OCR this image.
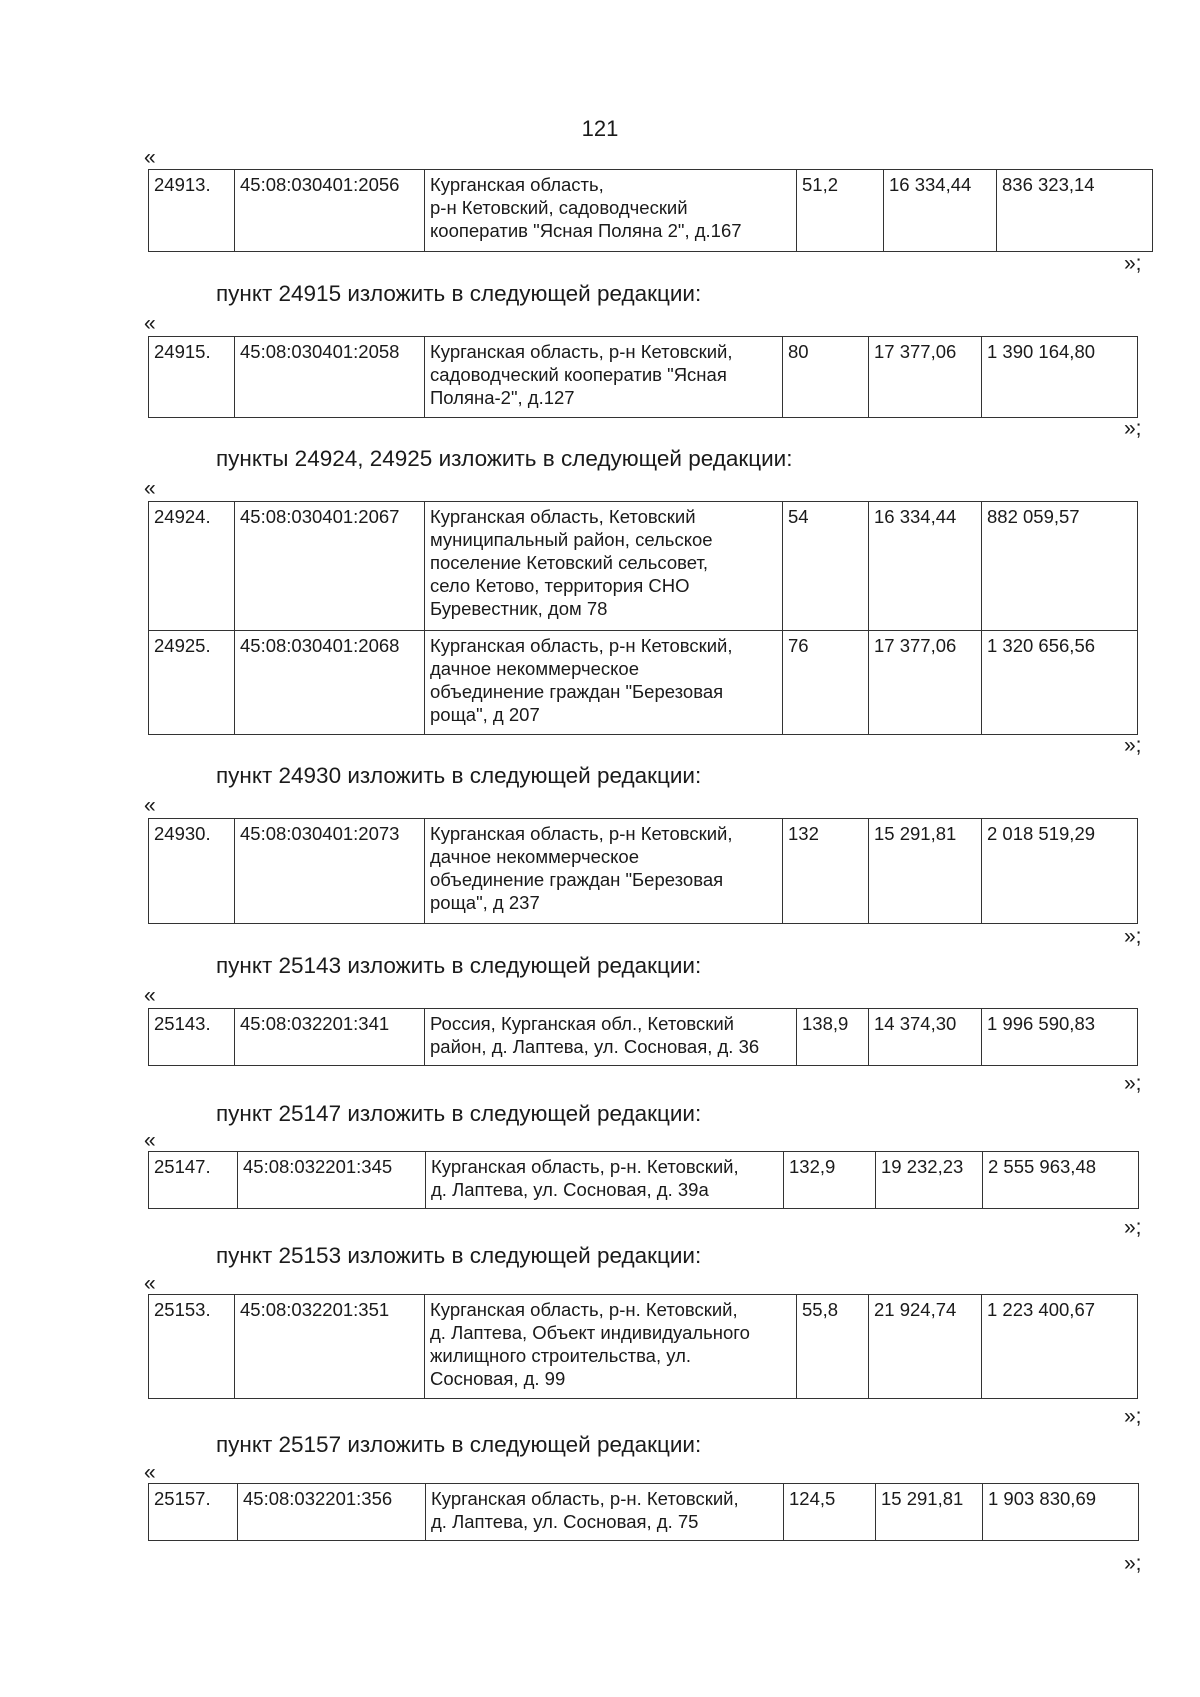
121
«
24913.	45:08:030401:2056	Курганская область,
р-н Кетовский, садоводческий
кооператив "Ясная Поляна 2", д.167	51,2	16 334,44	836 323,14
»;
пункт 24915 изложить в следующей редакции:
«
24915.	45:08:030401:2058	Курганская область, р-н Кетовский,
садоводческий кооператив "Ясная
Поляна-2", д.127	80	17 377,06	1 390 164,80
»;
пункты 24924, 24925 изложить в следующей редакции:
«
24924.	45:08:030401:2067	Курганская область, Кетовский
муниципальный район, сельское
поселение Кетовский сельсовет,
село Кетово, территория СНО
Буревестник, дом 78	54	16 334,44	882 059,57
24925.	45:08:030401:2068	Курганская область, р-н Кетовский,
дачное некоммерческое
объединение граждан "Березовая
роща", д 207	76	17 377,06	1 320 656,56
»;
пункт 24930 изложить в следующей редакции:
«
24930.	45:08:030401:2073	Курганская область, р-н Кетовский,
дачное некоммерческое
объединение граждан "Березовая
роща", д 237	132	15 291,81	2 018 519,29
»;
пункт 25143 изложить в следующей редакции:
«
25143.	45:08:032201:341	Россия, Курганская обл., Кетовский
район, д. Лаптева, ул. Сосновая, д. 36	138,9	14 374,30	1 996 590,83
»;
пункт 25147 изложить в следующей редакции:
«
25147.	45:08:032201:345	Курганская область, р-н. Кетовский,
д. Лаптева, ул. Сосновая, д. 39а	132,9	19 232,23	2 555 963,48
»;
пункт 25153 изложить в следующей редакции:
«
25153.	45:08:032201:351	Курганская область, р-н. Кетовский,
д. Лаптева, Объект индивидуального
жилищного строительства, ул.
Сосновая, д. 99	55,8	21 924,74	1 223 400,67
»;
пункт 25157 изложить в следующей редакции:
«
25157.	45:08:032201:356	Курганская область, р-н. Кетовский,
д. Лаптева, ул. Сосновая, д. 75	124,5	15 291,81	1 903 830,69
»;
